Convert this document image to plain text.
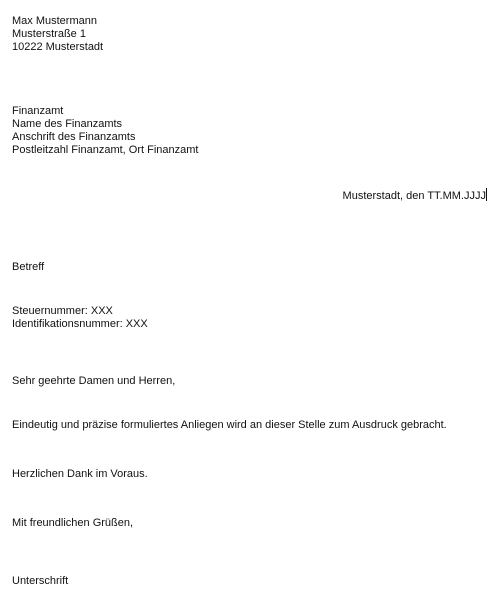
Max Mustermann
Musterstraße 1
10222 Musterstadt
Finanzamt
Name des Finanzamts
Anschrift des Finanzamts
Postleitzahl Finanzamt, Ort Finanzamt
Musterstadt, den TT.MM.JJJJ
Betreff
Steuernummer: XXX
Identifikationsnummer: XXX
Sehr geehrte Damen und Herren,
Eindeutig und präzise formuliertes Anliegen wird an dieser Stelle zum Ausdruck gebracht.
Herzlichen Dank im Voraus.
Mit freundlichen Grüßen,
Unterschrift
